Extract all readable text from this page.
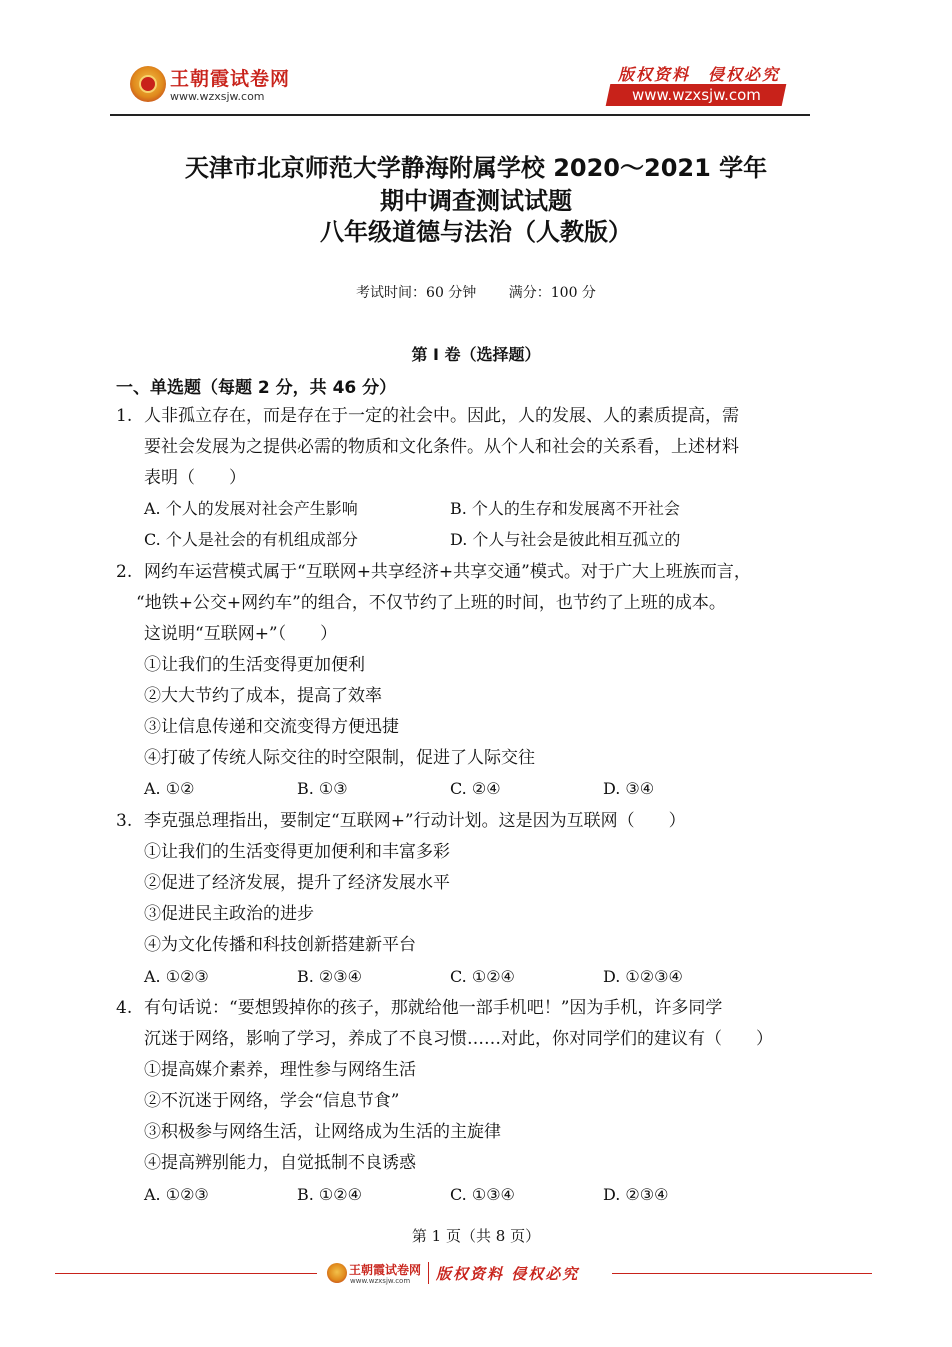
王朝霞试卷网
www.wzxsjw.com
版权资料　侵权必究
www.wzxsjw.com
天津市北京师范大学静海附属学校 2020～2021 学年
期中调查测试试题
八年级道德与法治（人教版）
考试时间：60 分钟 满分：100 分
第 I 卷（选择题）
一、单选题（每题 2 分，共 46 分）
1. 人非孤立存在，而是存在于一定的社会中。因此，人的发展、人的素质提高，需
要社会发展为之提供必需的物质和文化条件。从个人和社会的关系看，上述材料
表明（　　）
A. 个人的发展对社会产生影响	B. 个人的生存和发展离不开社会
C. 个人是社会的有机组成部分	D. 个人与社会是彼此相互孤立的
2. 网约车运营模式属于“互联网+共享经济+共享交通”模式。对于广大上班族而言，
“地铁+公交+网约车”的组合，不仅节约了上班的时间，也节约了上班的成本。
这说明“互联网+”（　　）
①让我们的生活变得更加便利
②大大节约了成本，提高了效率
③让信息传递和交流变得方便迅捷
④打破了传统人际交往的时空限制，促进了人际交往
A. ①②	B. ①③	C. ②④	D. ③④
3. 李克强总理指出，要制定“互联网+”行动计划。这是因为互联网（　　）
①让我们的生活变得更加便利和丰富多彩
②促进了经济发展，提升了经济发展水平
③促进民主政治的进步
④为文化传播和科技创新搭建新平台
A. ①②③	B. ②③④	C. ①②④	D. ①②③④
4. 有句话说：“要想毁掉你的孩子，那就给他一部手机吧！”因为手机，许多同学
沉迷于网络，影响了学习，养成了不良习惯……对此，你对同学们的建议有（　　）
①提高媒介素养，理性参与网络生活
②不沉迷于网络，学会“信息节食”
③积极参与网络生活，让网络成为生活的主旋律
④提高辨别能力，自觉抵制不良诱惑
A. ①②③	B. ①②④	C. ①③④	D. ②③④
第 1 页（共 8 页）
王朝霞试卷网
www.wzxsjw.com 版权资料 侵权必究
